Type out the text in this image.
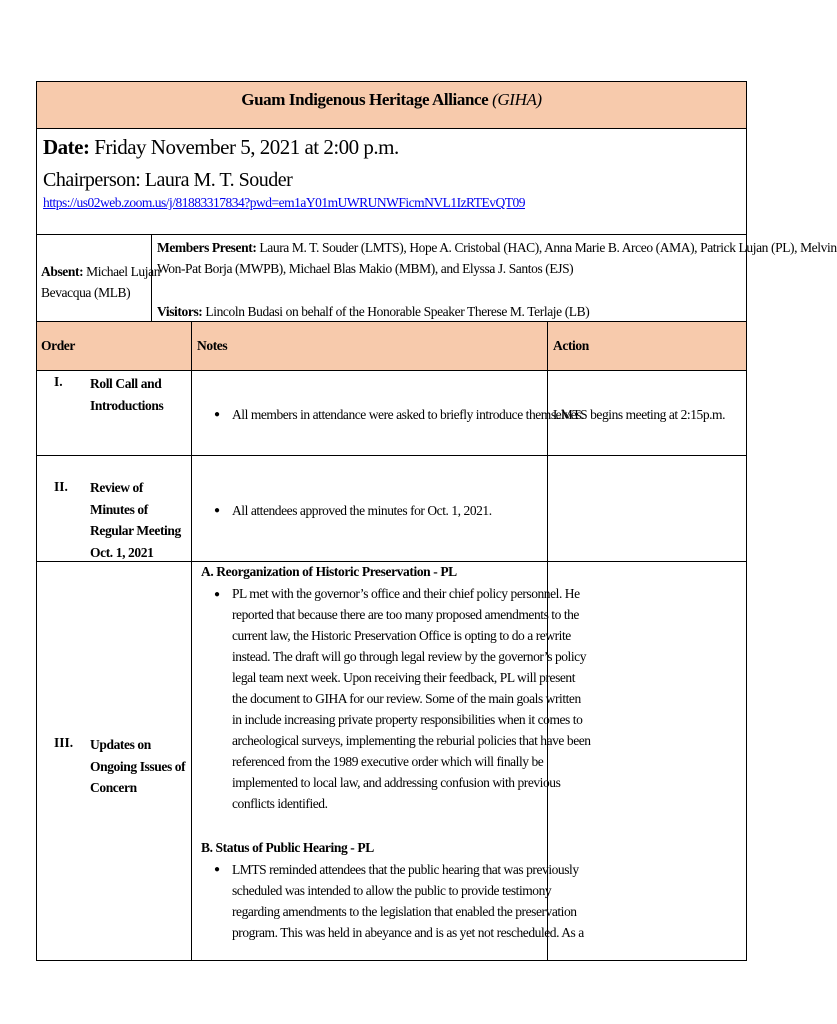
Guam Indigenous Heritage Alliance (GIHA)
Date: Friday November 5, 2021 at 2:00 p.m.
Chairperson: Laura M. T. Souder
https://us02web.zoom.us/j/81883317834?pwd=em1aY01mUWRUNWFicmNVL1IzRTEvQT09
Absent: Michael Lujan
Bevacqua (MLB)
Members Present: Laura M. T. Souder (LMTS), Hope A. Cristobal (HAC), Anna Marie B. Arceo (AMA), Patrick Lujan (PL), Melvin
Won-Pat Borja (MWPB), Michael Blas Makio (MBM), and Elyssa J. Santos (EJS)
Visitors: Lincoln Budasi on behalf of the Honorable Speaker Therese M. Terlaje (LB)
Order	Notes	Action
I. Roll Call and Introductions
● All members in attendance were asked to briefly introduce themselves.
LMTS begins meeting at 2:15p.m.
II. Review of Minutes of Regular Meeting Oct. 1, 2021
● All attendees approved the minutes for Oct. 1, 2021.
III. Updates on Ongoing Issues of Concern
A. Reorganization of Historic Preservation - PL
● PL met with the governor’s office and their chief policy personnel. He
reported that because there are too many proposed amendments to the
current law, the Historic Preservation Office is opting to do a rewrite
instead. The draft will go through legal review by the governor’s policy
legal team next week. Upon receiving their feedback, PL will present
the document to GIHA for our review. Some of the main goals written
in include increasing private property responsibilities when it comes to
archeological surveys, implementing the reburial policies that have been
referenced from the 1989 executive order which will finally be
implemented to local law, and addressing confusion with previous
conflicts identified.
B. Status of Public Hearing - PL
● LMTS reminded attendees that the public hearing that was previously
scheduled was intended to allow the public to provide testimony
regarding amendments to the legislation that enabled the preservation
program. This was held in abeyance and is as yet not rescheduled. As a
